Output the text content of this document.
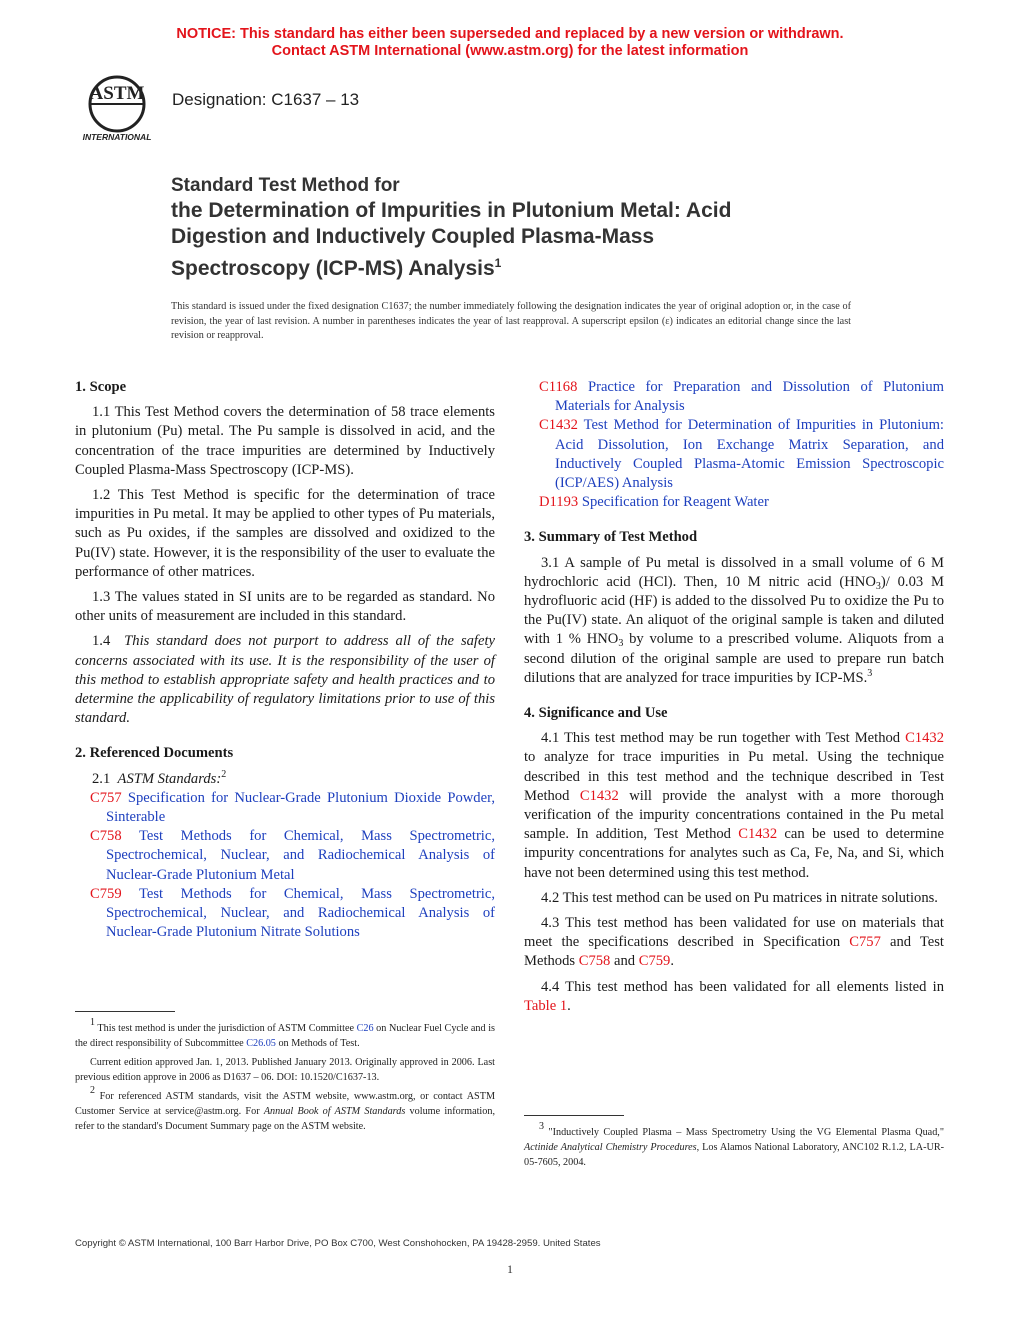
NOTICE: This standard has either been superseded and replaced by a new version or withdrawn.
Contact ASTM International (www.astm.org) for the latest information
ASTM
INTERNATIONAL
Designation: C1637 – 13
Standard Test Method for
the Determination of Impurities in Plutonium Metal: Acid
Digestion and Inductively Coupled Plasma-Mass
Spectroscopy (ICP-MS) Analysis$^1$
This standard is issued under the fixed designation C1637; the number immediately following the designation indicates the year of original adoption or, in the case of revision, the year of last revision. A number in parentheses indicates the year of last reapproval. A superscript epsilon (ε) indicates an editorial change since the last revision or reapproval.
1. Scope

1.1 This Test Method covers the determination of 58 trace elements in plutonium (Pu) metal. The Pu sample is dissolved in acid, and the concentration of the trace impurities are determined by Inductively Coupled Plasma-Mass Spectroscopy (ICP-MS).

1.2 This Test Method is specific for the determination of trace impurities in Pu metal. It may be applied to other types of Pu materials, such as Pu oxides, if the samples are dissolved and oxidized to the Pu(IV) state. However, it is the responsibility of the user to evaluate the performance of other matrices.

1.3 The values stated in SI units are to be regarded as standard. No other units of measurement are included in this standard.

1.4 This standard does not purport to address all of the safety concerns associated with its use. It is the responsibility of the user of this method to establish appropriate safety and health practices and to determine the applicability of regulatory limitations prior to use of this standard.

2. Referenced Documents

2.1 ASTM Standards:$^2$

C757 Specification for Nuclear-Grade Plutonium Dioxide Powder, Sinterable

C758 Test Methods for Chemical, Mass Spectrometric, Spectrochemical, Nuclear, and Radiochemical Analysis of Nuclear-Grade Plutonium Metal

C759 Test Methods for Chemical, Mass Spectrometric, Spectrochemical, Nuclear, and Radiochemical Analysis of Nuclear-Grade Plutonium Nitrate Solutions

C1168 Practice for Preparation and Dissolution of Plutonium Materials for Analysis

C1432 Test Method for Determination of Impurities in Plutonium: Acid Dissolution, Ion Exchange Matrix Separation, and Inductively Coupled Plasma-Atomic Emission Spectroscopic (ICP/AES) Analysis

D1193 Specification for Reagent Water

3. Summary of Test Method

3.1 A sample of Pu metal is dissolved in a small volume of 6 M hydrochloric acid (HCl). Then, 10 M nitric acid $(HNO_3)/$ 0.03 M hydrofluoric acid (HF) is added to the dissolved Pu to oxidize the Pu to the Pu(IV) state. An aliquot of the original sample is taken and diluted with 1 % $HNO_3$ by volume to a prescribed volume. Aliquots from a second dilution of the original sample are used to prepare run batch dilutions that are analyzed for trace impurities by ICP-MS.$^3$

4. Significance and Use

4.1 This test method may be run together with Test Method C1432 to analyze for trace impurities in Pu metal. Using the technique described in this test method and the technique described in Test Method C1432 will provide the analyst with a more thorough verification of the impurity concentrations contained in the Pu metal sample. In addition, Test Method C1432 can be used to determine impurity concentrations for analytes such as Ca, Fe, Na, and Si, which have not been determined using this test method.

4.2 This test method can be used on Pu matrices in nitrate solutions.

4.3 This test method has been validated for use on materials that meet the specifications described in Specification C757 and Test Methods C758 and C759.

4.4 This test method has been validated for all elements listed in Table 1.

$^1$ This test method is under the jurisdiction of ASTM Committee C26 on Nuclear Fuel Cycle and is the direct responsibility of Subcommittee C26.05 on Methods of Test.

Current edition approved Jan. 1, 2013. Published January 2013. Originally approved in 2006. Last previous edition approve in 2006 as D1637 – 06. DOI: 10.1520/C1637-13.

$^2$ For referenced ASTM standards, visit the ASTM website, www.astm.org, or contact ASTM Customer Service at service@astm.org. For Annual Book of ASTM Standards volume information, refer to the standard's Document Summary page on the ASTM website.	$^3$ "Inductively Coupled Plasma – Mass Spectrometry Using the VG Elemental Plasma Quad," Actinide Analytical Chemistry Procedures, Los Alamos National Laboratory, ANC102 R.1.2, LA-UR-05-7605, 2004.

Copyright © ASTM International, 100 Barr Harbor Drive, PO Box C700, West Conshohocken, PA 19428-2959. United States
1
